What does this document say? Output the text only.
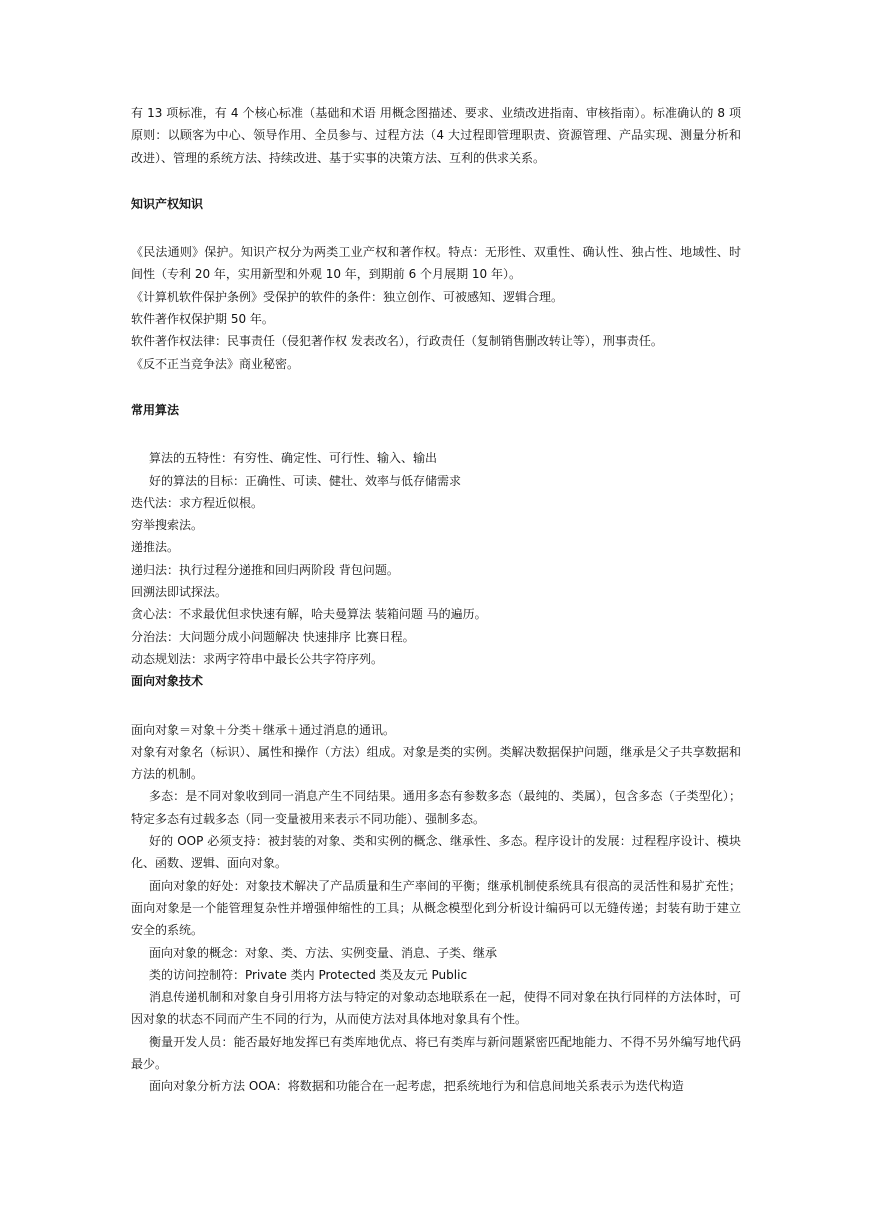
有 13 项标准，有 4 个核心标准（基础和术语 用概念图描述、要求、业绩改进指南、审核指南）。标准确认的 8 项原则：以顾客为中心、领导作用、全员参与、过程方法（4 大过程即管理职责、资源管理、产品实现、测量分析和改进）、管理的系统方法、持续改进、基于实事的决策方法、互利的供求关系。

知识产权知识

《民法通则》保护。知识产权分为两类工业产权和著作权。特点：无形性、双重性、确认性、独占性、地域性、时间性（专利 20 年，实用新型和外观 10 年，到期前 6 个月展期 10 年）。

《计算机软件保护条例》受保护的软件的条件：独立创作、可被感知、逻辑合理。

软件著作权保护期 50 年。

软件著作权法律：民事责任（侵犯著作权 发表改名），行政责任（复制销售删改转让等），刑事责任。

《反不正当竞争法》商业秘密。

常用算法

算法的五特性：有穷性、确定性、可行性、输入、输出

好的算法的目标：正确性、可读、健壮、效率与低存储需求

迭代法：求方程近似根。

穷举搜索法。

递推法。

递归法：执行过程分递推和回归两阶段 背包问题。

回溯法即试探法。

贪心法：不求最优但求快速有解，哈夫曼算法 装箱问题 马的遍历。

分治法：大问题分成小问题解决 快速排序 比赛日程。

动态规划法：求两字符串中最长公共字符序列。

面向对象技术

面向对象＝对象＋分类＋继承＋通过消息的通讯。

对象有对象名（标识）、属性和操作（方法）组成。对象是类的实例。类解决数据保护问题，继承是父子共享数据和方法的机制。

多态：是不同对象收到同一消息产生不同结果。通用多态有参数多态（最纯的、类属），包含多态（子类型化）；特定多态有过载多态（同一变量被用来表示不同功能）、强制多态。

好的 OOP 必须支持：被封装的对象、类和实例的概念、继承性、多态。程序设计的发展：过程程序设计、模块化、函数、逻辑、面向对象。

面向对象的好处：对象技术解决了产品质量和生产率间的平衡；继承机制使系统具有很高的灵活性和易扩充性；面向对象是一个能管理复杂性并增强伸缩性的工具；从概念模型化到分析设计编码可以无缝传递；封装有助于建立安全的系统。

面向对象的概念：对象、类、方法、实例变量、消息、子类、继承

类的访问控制符：Private 类内 Protected 类及友元 Public

消息传递机制和对象自身引用将方法与特定的对象动态地联系在一起，使得不同对象在执行同样的方法体时，可因对象的状态不同而产生不同的行为，从而使方法对具体地对象具有个性。

衡量开发人员：能否最好地发挥已有类库地优点、将已有类库与新问题紧密匹配地能力、不得不另外编写地代码最少。

面向对象分析方法 OOA：将数据和功能合在一起考虑，把系统地行为和信息间地关系表示为迭代构造
